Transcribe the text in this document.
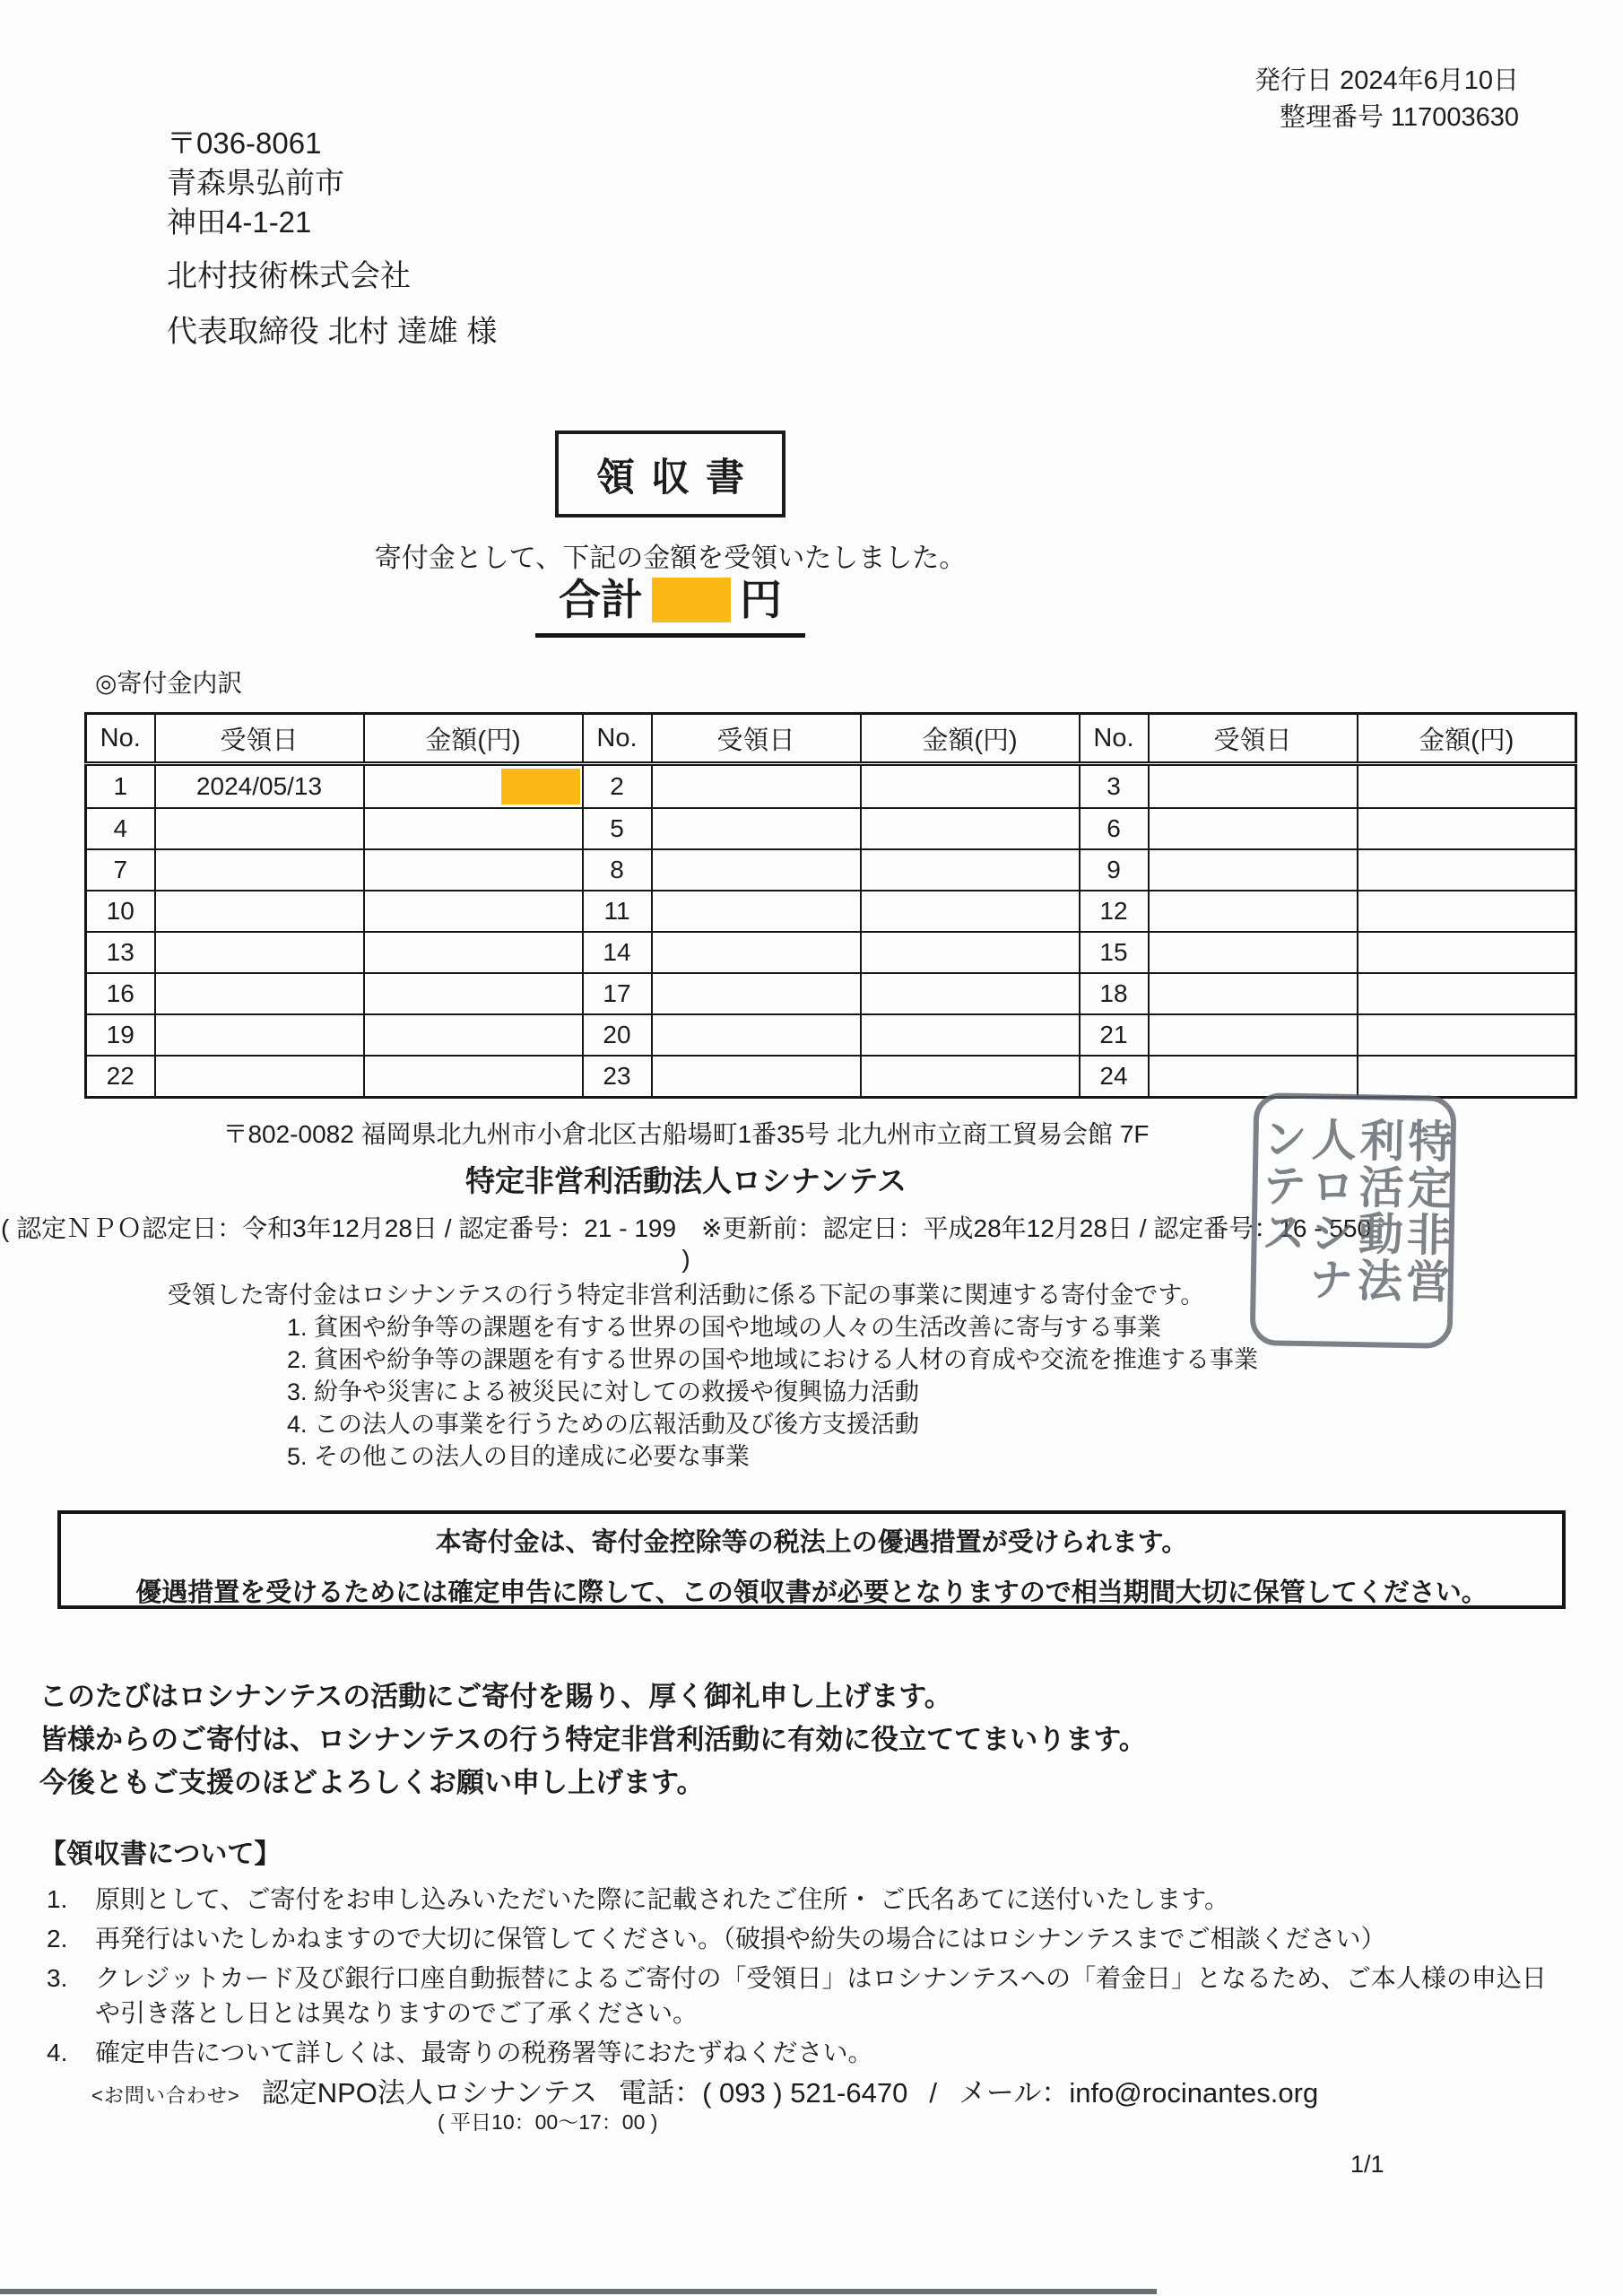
発行日 2024年6月10日
整理番号 117003630
〒036-8061
青森県弘前市
神田4-1-21
北村技術株式会社
代表取締役 北村 達雄 様
領収書
寄付金として、下記の金額を受領いたしました。
合計 円
◎寄付金内訳
No.	受領日	金額(円)	No.	受領日	金額(円)	No.	受領日	金額(円)
1	2024/05/13		2			3		
4			5			6		
7			8			9		
10			11			12		
13			14			15		
16			17			18		
19			20			21		
22			23			24		
〒802-0082 福岡県北九州市小倉北区古船場町1番35号 北九州市立商工貿易会館 7F
特定非営利活動法人ロシナンテス
( 認定ＮＰＯ認定日：令和3年12月28日 / 認定番号：21 - 199　※更新前：認定日：平成28年12月28日 / 認定番号：16 - 550 )	特定非営利活動法人ロシナンテス
受領した寄付金はロシナンテスの行う特定非営利活動に係る下記の事業に関連する寄付金です。
1. 貧困や紛争等の課題を有する世界の国や地域の人々の生活改善に寄与する事業
2. 貧困や紛争等の課題を有する世界の国や地域における人材の育成や交流を推進する事業
3. 紛争や災害による被災民に対しての救援や復興協力活動
4. この法人の事業を行うための広報活動及び後方支援活動
5. その他この法人の目的達成に必要な事業
本寄付金は、寄付金控除等の税法上の優遇措置が受けられます。
優遇措置を受けるためには確定申告に際して、この領収書が必要となりますので相当期間大切に保管してください。
このたびはロシナンテスの活動にご寄付を賜り、厚く御礼申し上げます。
皆様からのご寄付は、ロシナンテスの行う特定非営利活動に有効に役立ててまいります。
今後ともご支援のほどよろしくお願い申し上げます。
【領収書について】
1.	原則として、ご寄付をお申し込みいただいた際に記載されたご住所・ ご氏名あてに送付いたします。
2.	再発行はいたしかねますので大切に保管してください。（破損や紛失の場合にはロシナンテスまでご相談ください）
3.	クレジットカード及び銀行口座自動振替によるご寄付の「受領日」はロシナンテスへの「着金日」となるため、ご本人様の申込日や引き落とし日とは異なりますのでご了承ください。
4.	確定申告について詳しくは、最寄りの税務署等におたずねください。
<お問い合わせ> 認定NPO法人ロシナンテス 電話：( 093 ) 521-6470 / メール：info@rocinantes.org
( 平日10：00～17：00 )
1/1
